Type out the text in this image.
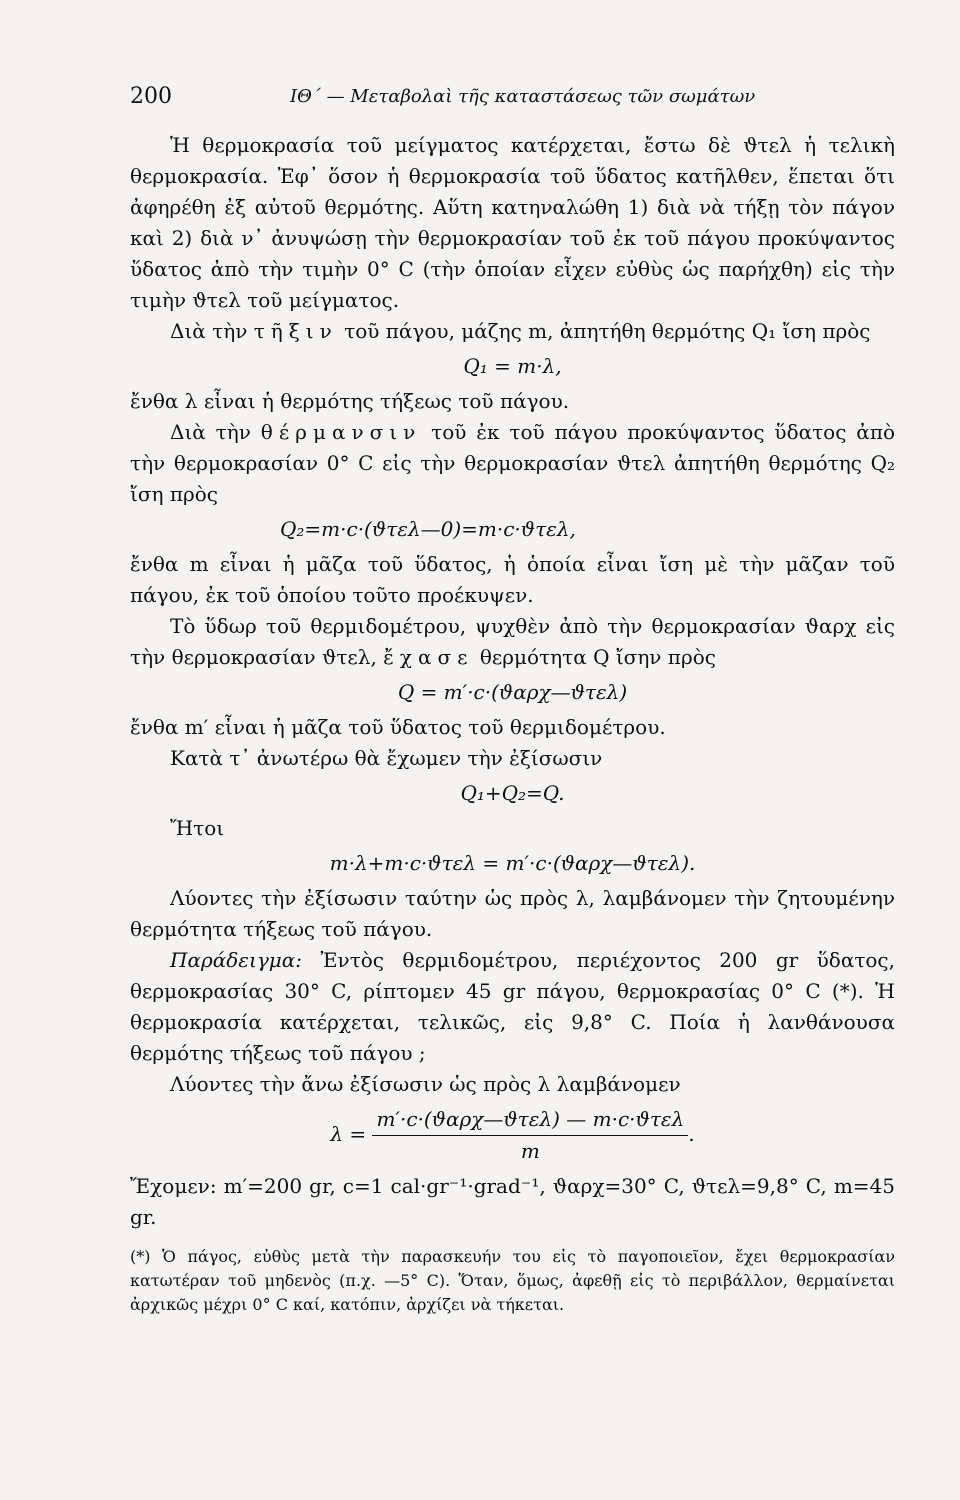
200	ΙΘ΄ — Μεταβολαὶ τῆς καταστάσεως τῶν σωμάτων

Ἡ θερμοκρασία τοῦ μείγματος κατέρχεται, ἔστω δὲ ϑτελ ἡ τελικὴ θερμοκρασία. Ἐφ᾽ ὅσον ἡ θερμοκρασία τοῦ ὕδατος κατῆλθεν, ἕπεται ὅτι ἀφηρέθη ἐξ αὐτοῦ θερμότης. Αὕτη κατηναλώθη 1) διὰ νὰ τήξῃ τὸν πάγον καὶ 2) διὰ ν᾽ ἀνυψώσῃ τὴν θερμοκρασίαν τοῦ ἐκ τοῦ πάγου προκύψαντος ὕδατος ἀπὸ τὴν τιμὴν 0° C (τὴν ὁποίαν εἶχεν εὐθὺς ὡς παρήχθη) εἰς τὴν τιμὴν ϑτελ τοῦ μείγματος.

Διὰ τὴν τῆξιν τοῦ πάγου, μάζης m, ἀπητήθη θερμότης Q₁ ἴση πρὸς

Q₁ = m·λ,

ἔνθα λ εἶναι ἡ θερμότης τήξεως τοῦ πάγου.

Διὰ τὴν θέρμανσιν τοῦ ἐκ τοῦ πάγου προκύψαντος ὕδατος ἀπὸ τὴν θερμοκρασίαν 0° C εἰς τὴν θερμοκρασίαν ϑτελ ἀπητήθη θερμότης Q₂ ἴση πρὸς

Q₂=m·c·(ϑτελ—0)=m·c·ϑτελ,

ἔνθα m εἶναι ἡ μᾶζα τοῦ ὕδατος, ἡ ὁποία εἶναι ἴση μὲ τὴν μᾶζαν τοῦ πάγου, ἐκ τοῦ ὁποίου τοῦτο προέκυψεν.

Τὸ ὕδωρ τοῦ θερμιδομέτρου, ψυχθὲν ἀπὸ τὴν θερμοκρασίαν ϑαρχ εἰς τὴν θερμοκρασίαν ϑτελ, ἔχασε θερμότητα Q ἴσην πρὸς

Q = m′·c·(ϑαρχ—ϑτελ)

ἔνθα m′ εἶναι ἡ μᾶζα τοῦ ὕδατος τοῦ θερμιδομέτρου.

Κατὰ τ᾽ ἀνωτέρω θὰ ἔχωμεν τὴν ἐξίσωσιν

Q₁+Q₂=Q.

Ἤτοι

m·λ+m·c·ϑτελ = m′·c·(ϑαρχ—ϑτελ).

Λύοντες τὴν ἐξίσωσιν ταύτην ὡς πρὸς λ, λαμβάνομεν τὴν ζητουμένην θερμότητα τήξεως τοῦ πάγου.

Παράδειγμα: Ἐντὸς θερμιδομέτρου, περιέχοντος 200 gr ὕδατος, θερμοκρασίας 30° C, ρίπτομεν 45 gr πάγου, θερμοκρασίας 0° C (*). Ἡ θερμοκρασία κατέρχεται, τελικῶς, εἰς 9,8° C. Ποία ἡ λανθάνουσα θερμότης τήξεως τοῦ πάγου ;

Λύοντες τὴν ἄνω ἐξίσωσιν ὡς πρὸς λ λαμβάνομεν

$\lambda = \frac{\text{m′·c·(ϑαρχ—ϑτελ) — m·c·ϑτελ}}{m}$ .

Ἔχομεν: m′=200 gr, c=1 cal·gr⁻¹·grad⁻¹, ϑαρχ=30° C, ϑτελ=9,8° C, m=45 gr.

(*) Ὁ πάγος, εὐθὺς μετὰ τὴν παρασκευήν του εἰς τὸ παγοποιεῖον, ἔχει θερμοκρασίαν κατωτέραν τοῦ μηδενὸς (π.χ. —5° C). Ὅταν, ὅμως, ἀφεθῇ εἰς τὸ περιβάλλον, θερμαίνεται ἀρχικῶς μέχρι 0° C καί, κατόπιν, ἀρχίζει νὰ τήκεται.
